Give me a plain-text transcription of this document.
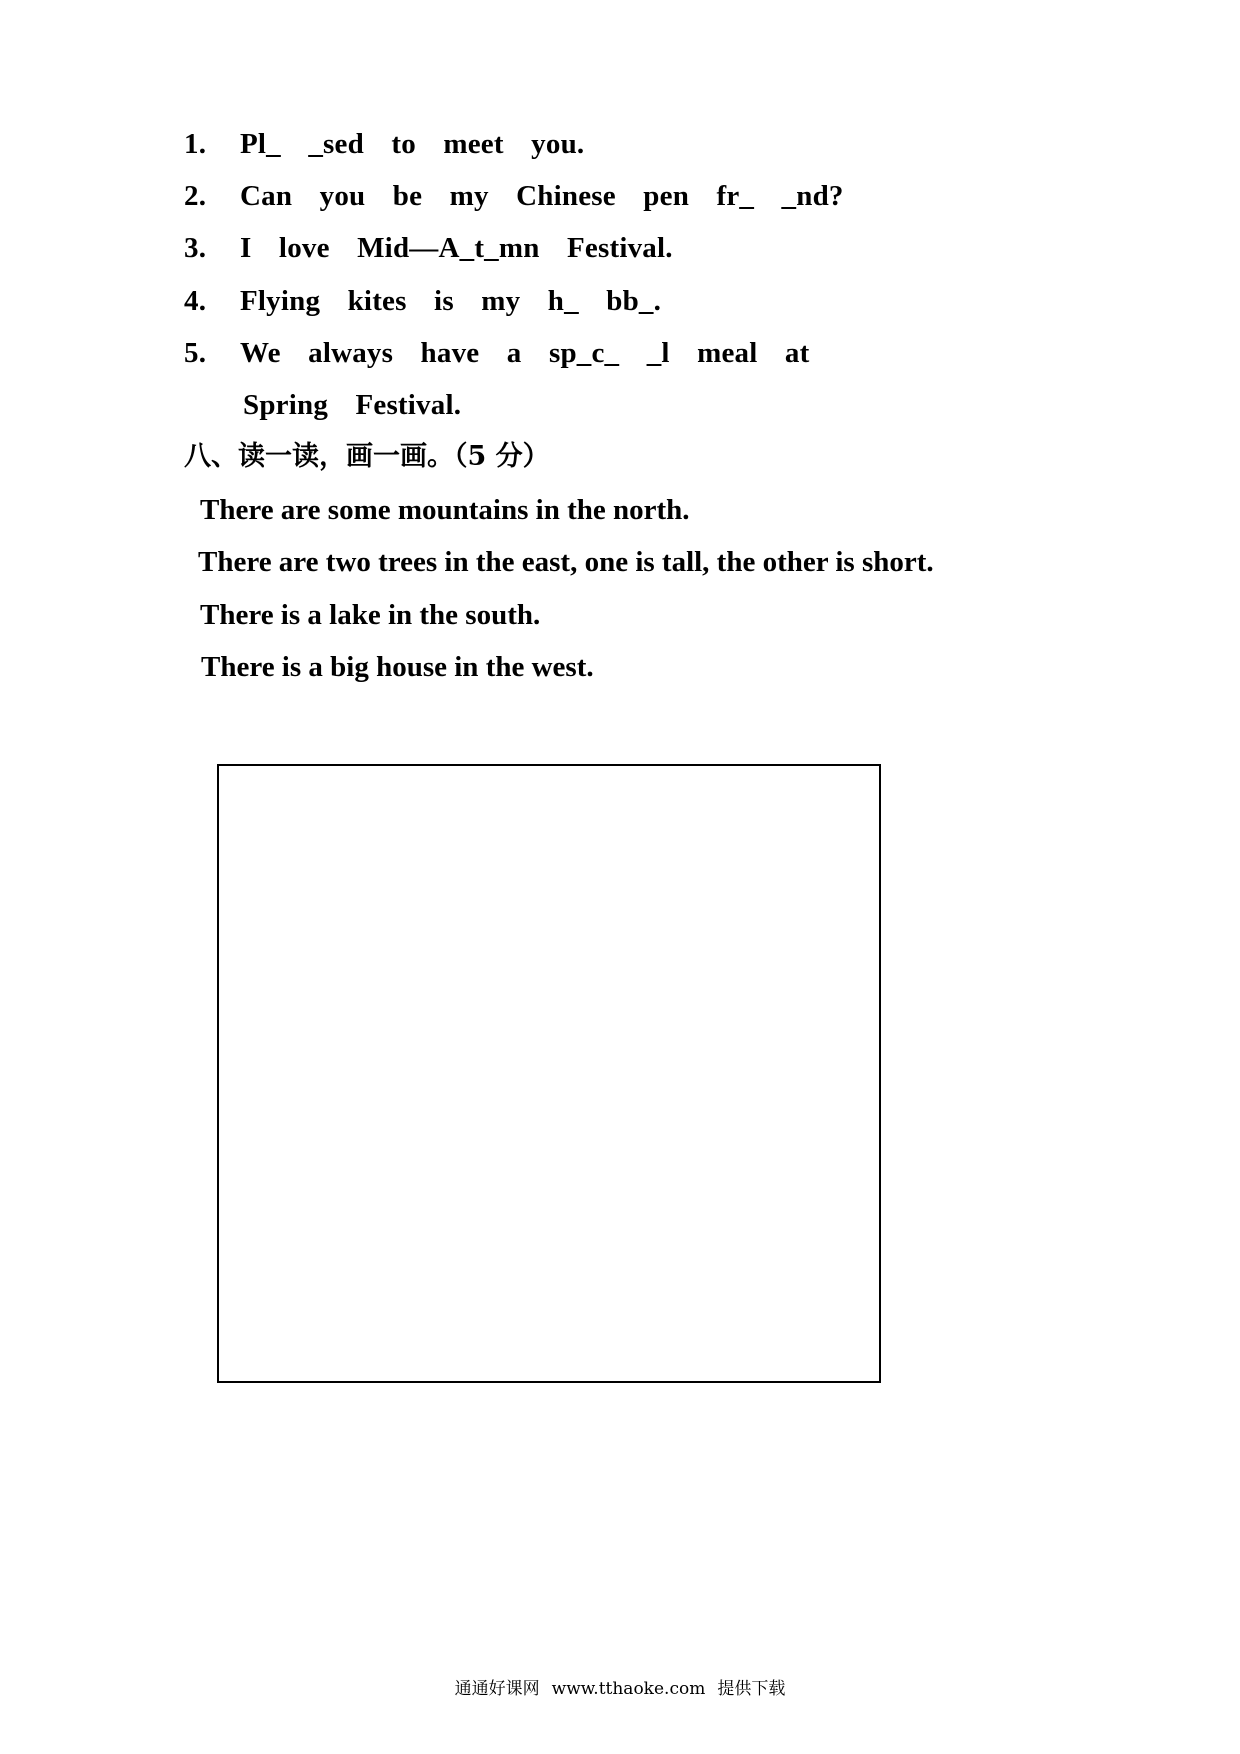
1. Pl_ _sed to meet you.
2. Can you be my Chinese pen fr_ _nd?
3. I love Mid—A_t_mn Festival.
4. Flying kites is my h_ bb_.
5. We always have a sp_c_ _l meal at
Spring Festival.
八、读一读，画一画。（5 分）
There are some mountains in the north.
There are two trees in the east, one is tall, the other is short.
There is a lake in the south.
There is a big house in the west.
通通好课网 www.tthaoke.com 提供下载
